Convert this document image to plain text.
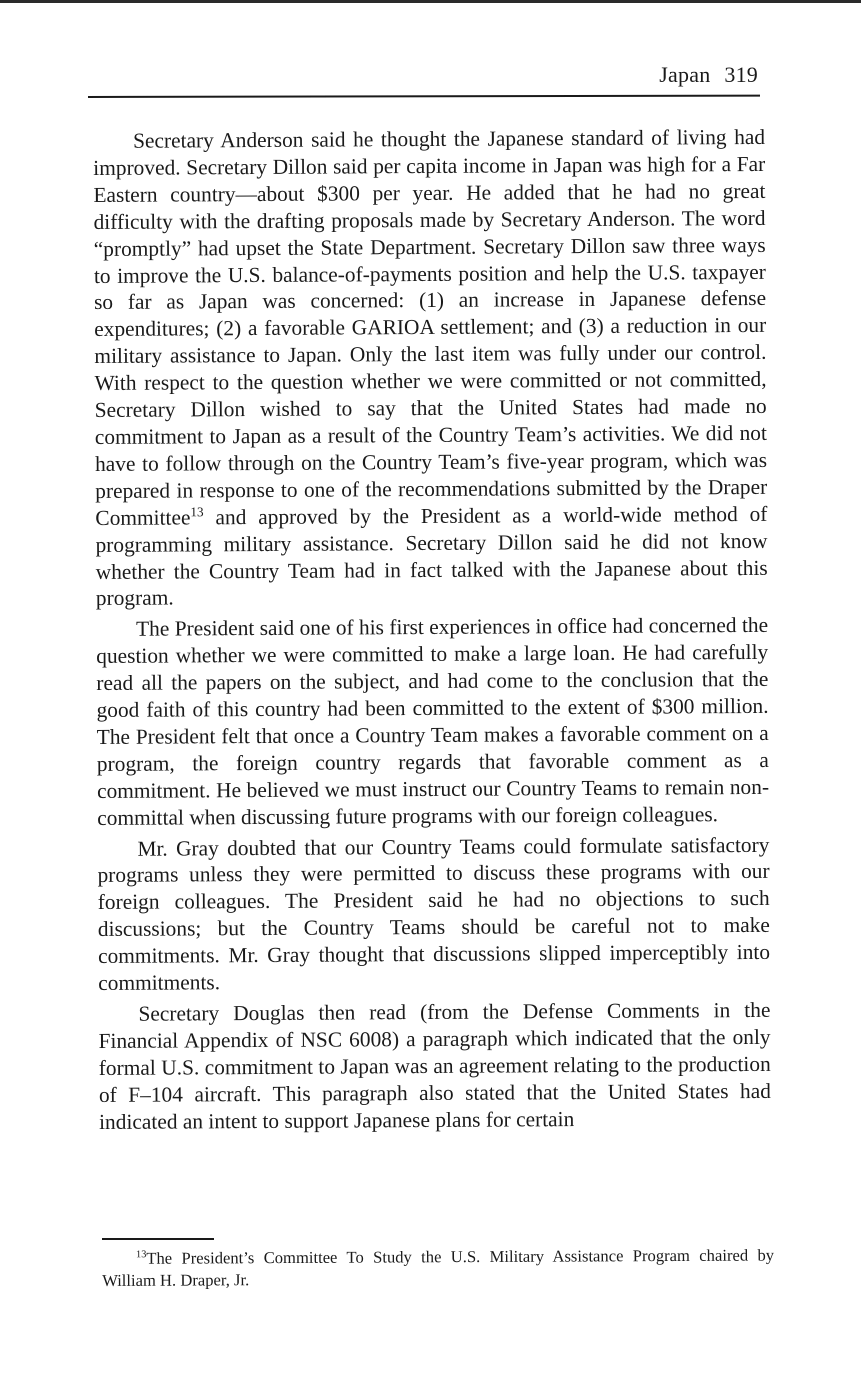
Japan 319

Secretary Anderson said he thought the Japanese standard of living had improved. Secretary Dillon said per capita income in Japan was high for a Far Eastern country—about $300 per year. He added that he had no great difficulty with the drafting proposals made by Secretary Anderson. The word “promptly” had upset the State Department. Secretary Dillon saw three ways to improve the U.S. balance-of-payments position and help the U.S. taxpayer so far as Japan was concerned: (1) an increase in Japanese defense expenditures; (2) a favorable GARIOA settlement; and (3) a reduction in our military assistance to Japan. Only the last item was fully under our control. With respect to the question whether we were committed or not committed, Secretary Dillon wished to say that the United States had made no commitment to Japan as a result of the Country Team’s activities. We did not have to follow through on the Country Team’s five-year program, which was prepared in response to one of the recommendations submitted by the Draper Committee$^{13}$ and approved by the President as a world-wide method of programming military assistance. Secretary Dillon said he did not know whether the Country Team had in fact talked with the Japanese about this program.

The President said one of his first experiences in office had concerned the question whether we were committed to make a large loan. He had carefully read all the papers on the subject, and had come to the conclusion that the good faith of this country had been committed to the extent of $300 million. The President felt that once a Country Team makes a favorable comment on a program, the foreign country regards that favorable comment as a commitment. He believed we must instruct our Country Teams to remain non-committal when discussing future programs with our foreign colleagues.

Mr. Gray doubted that our Country Teams could formulate satisfactory programs unless they were permitted to discuss these programs with our foreign colleagues. The President said he had no objections to such discussions; but the Country Teams should be careful not to make commitments. Mr. Gray thought that discussions slipped imperceptibly into commitments.

Secretary Douglas then read (from the Defense Comments in the Financial Appendix of NSC 6008) a paragraph which indicated that the only formal U.S. commitment to Japan was an agreement relating to the production of F–104 aircraft. This paragraph also stated that the United States had indicated an intent to support Japanese plans for certain

$^{13}$The President’s Committee To Study the U.S. Military Assistance Program chaired by William H. Draper, Jr.
